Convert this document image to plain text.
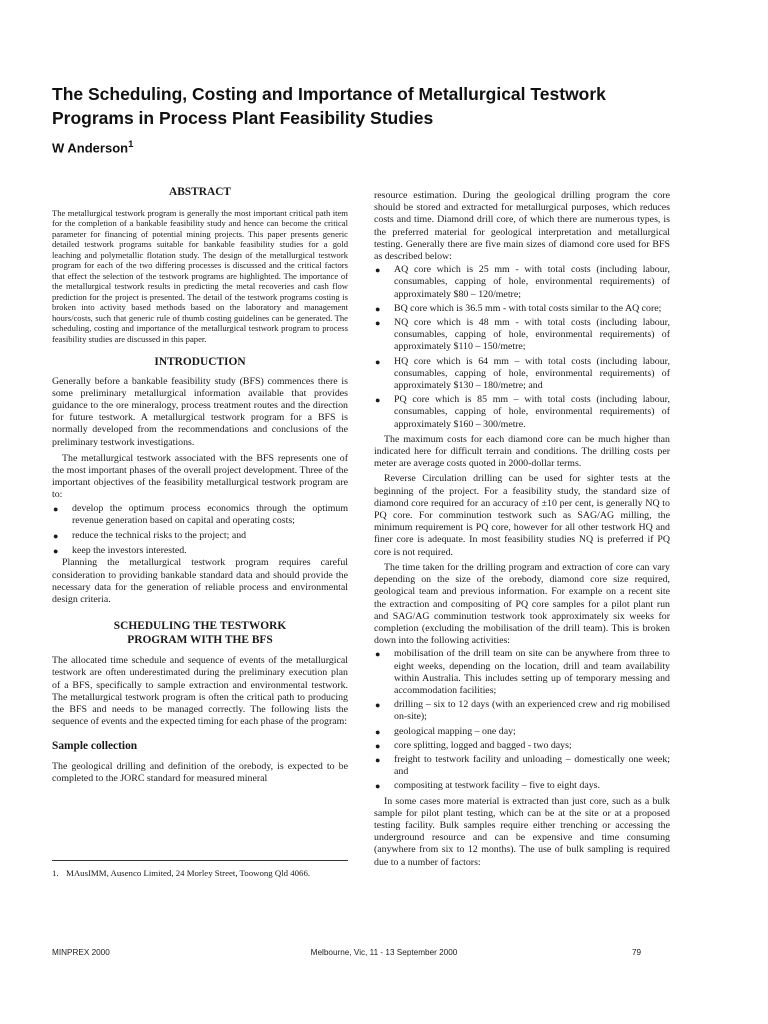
The Scheduling, Costing and Importance of Metallurgical Testwork Programs in Process Plant Feasibility Studies
W Anderson$^1$
ABSTRACT

The metallurgical testwork program is generally the most important critical path item for the completion of a bankable feasibility study and hence can become the critical parameter for financing of potential mining projects. This paper presents generic detailed testwork programs suitable for bankable feasibility studies for a gold leaching and polymetallic flotation study. The design of the metallurgical testwork program for each of the two differing processes is discussed and the critical factors that effect the selection of the testwork programs are highlighted. The importance of the metallurgical testwork results in predicting the metal recoveries and cash flow prediction for the project is presented. The detail of the testwork programs costing is broken into activity based methods based on the laboratory and management hours/costs, such that generic rule of thumb costing guidelines can be generated. The scheduling, costing and importance of the metallurgical testwork program to process feasibility studies are discussed in this paper.

INTRODUCTION

Generally before a bankable feasibility study (BFS) commences there is some preliminary metallurgical information available that provides guidance to the ore mineralogy, process treatment routes and the direction for future testwork. A metallurgical testwork program for a BFS is normally developed from the recommendations and conclusions of the preliminary testwork investigations.

The metallurgical testwork associated with the BFS represents one of the most important phases of the overall project development. Three of the important objectives of the feasibility metallurgical testwork program are to:

● develop the optimum process economics through the optimum revenue generation based on capital and operating costs;
● reduce the technical risks to the project; and
● keep the investors interested.

Planning the metallurgical testwork program requires careful consideration to providing bankable standard data and should provide the necessary data for the generation of reliable process and environmental design criteria.

SCHEDULING THE TESTWORK PROGRAM WITH THE BFS

The allocated time schedule and sequence of events of the metallurgical testwork are often underestimated during the preliminary execution plan of a BFS, specifically to sample extraction and environmental testwork. The metallurgical testwork program is often the critical path to producing the BFS and needs to be managed correctly. The following lists the sequence of events and the expected timing for each phase of the program:

Sample collection

The geological drilling and definition of the orebody, is expected to be completed to the JORC standard for measured mineral

1. MAusIMM, Ausenco Limited, 24 Morley Street, Toowong Qld 4066.

resource estimation. During the geological drilling program the core should be stored and extracted for metallurgical purposes, which reduces costs and time. Diamond drill core, of which there are numerous types, is the preferred material for geological interpretation and metallurgical testing. Generally there are five main sizes of diamond core used for BFS as described below:

● AQ core which is 25 mm - with total costs (including labour, consumables, capping of hole, environmental requirements) of approximately $80 – 120/metre;
● BQ core which is 36.5 mm - with total costs similar to the AQ core;
● NQ core which is 48 mm - with total costs (including labour, consumables, capping of hole, environmental requirements) of approximately $110 – 150/metre;
● HQ core which is 64 mm – with total costs (including labour, consumables, capping of hole, environmental requirements) of approximately $130 – 180/metre; and
● PQ core which is 85 mm – with total costs (including labour, consumables, capping of hole, environmental requirements) of approximately $160 – 300/metre.

The maximum costs for each diamond core can be much higher than indicated here for difficult terrain and conditions. The drilling costs per meter are average costs quoted in 2000-dollar terms.

Reverse Circulation drilling can be used for sighter tests at the beginning of the project. For a feasibility study, the standard size of diamond core required for an accuracy of ±10 per cent, is generally NQ to PQ core. For comminution testwork such as SAG/AG milling, the minimum requirement is PQ core, however for all other testwork HQ and finer core is adequate. In most feasibility studies NQ is preferred if PQ core is not required.

The time taken for the drilling program and extraction of core can vary depending on the size of the orebody, diamond core size required, geological team and previous information. For example on a recent site the extraction and compositing of PQ core samples for a pilot plant run and SAG/AG comminution testwork took approximately six weeks for completion (excluding the mobilisation of the drill team). This is broken down into the following activities:

● mobilisation of the drill team on site can be anywhere from three to eight weeks, depending on the location, drill and team availability within Australia. This includes setting up of temporary messing and accommodation facilities;
● drilling – six to 12 days (with an experienced crew and rig mobilised on-site);
● geological mapping – one day;
● core splitting, logged and bagged - two days;
● freight to testwork facility and unloading – domestically one week; and
● compositing at testwork facility – five to eight days.

In some cases more material is extracted than just core, such as a bulk sample for pilot plant testing, which can be at the site or at a proposed testing facility. Bulk samples require either trenching or accessing the underground resource and can be expensive and time consuming (anywhere from six to 12 months). The use of bulk sampling is required due to a number of factors:

MINPREX 2000	Melbourne, Vic, 11 - 13 September 2000	79
